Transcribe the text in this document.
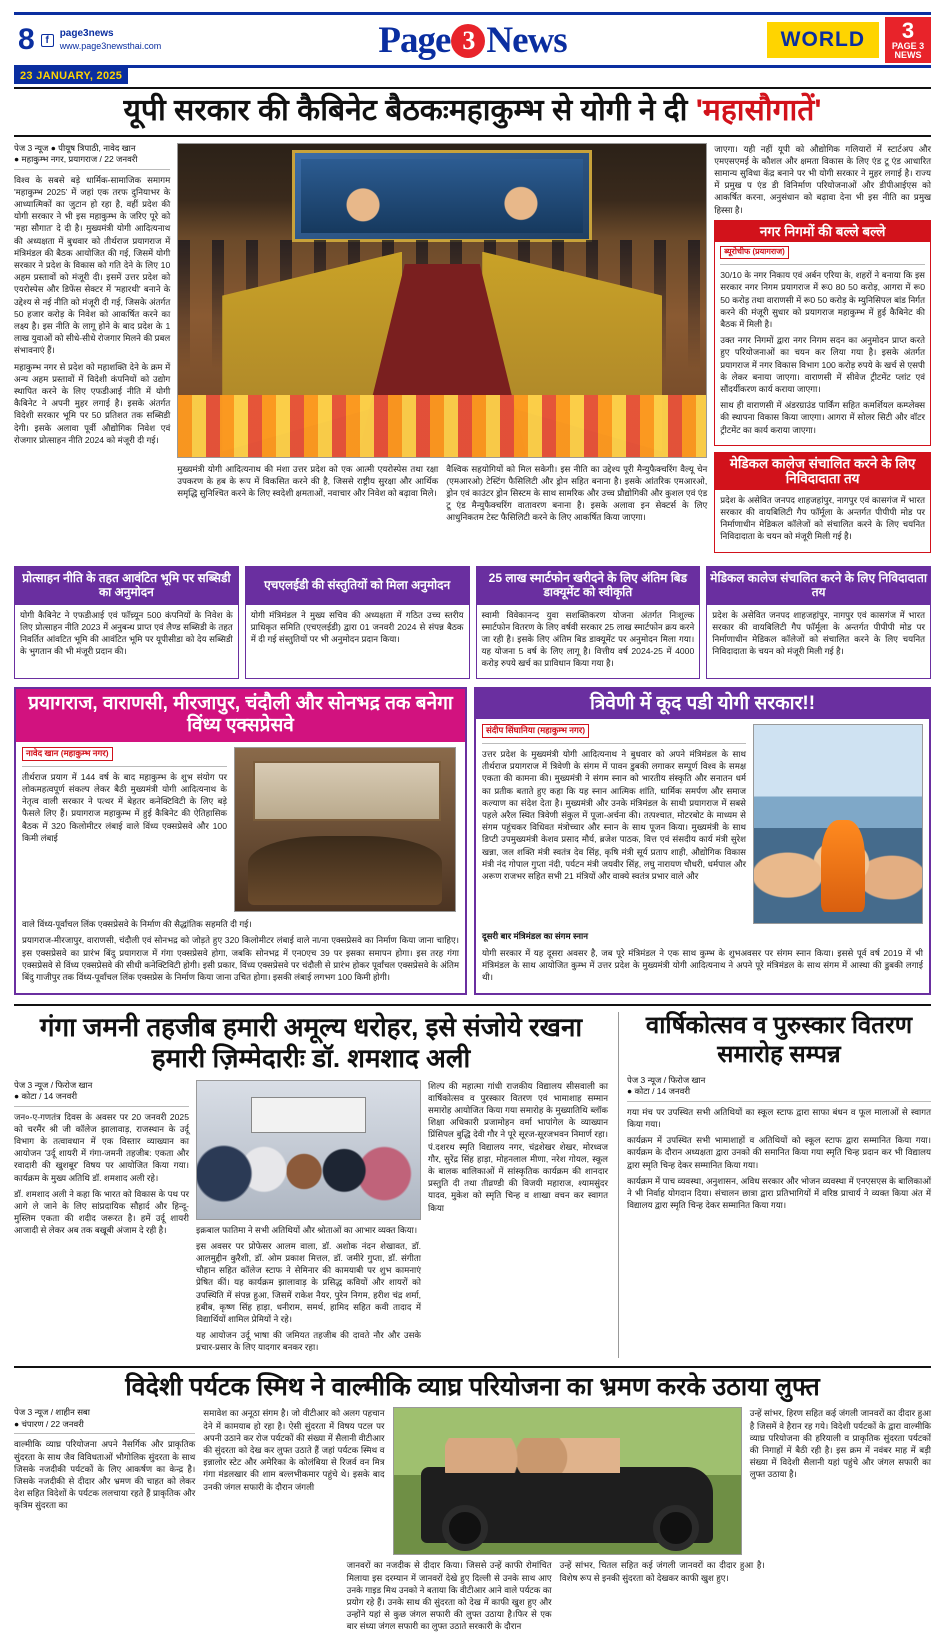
8	f
page3news
www.page3newsthai.com	Page 3 News	WORLD	3
PAGE 3
NEWS
23 JANUARY, 2025
यूपी सरकार की कैबिनेट बैठकःमहाकुम्भ से योगी ने दी 'महासौगातें'
पेज 3 न्यूज ● पीयूष त्रिपाठी, नावेद खान
● महाकुम्भ नगर, प्रयागराज / 22 जनवरी

विश्व के सबसे बड़े धार्मिक-सामाजिक समागम 'महाकुम्भ 2025' में जहां एक तरफ दुनियाभर के आध्यात्मिकों का जुटान हो रहा है, वहीं प्रदेश की योगी सरकार ने भी इस महाकुम्भ के जरिए पूरे को 'महा सौगात' दे दी है। मुख्यमंत्री योगी आदित्यनाथ की अध्यक्षता में बुधवार को तीर्थराज प्रयागराज में मंत्रिमंडल की बैठक आयोजित की गई, जिसमें योगी सरकार ने प्रदेश के विकास को गति देने के लिए 10 अहम प्रस्तावों को मंजूरी दी। इसमें उत्तर प्रदेश को एयरोस्पेस और डिफेंस सेक्टर में 'महारथी' बनाने के उद्देश्य से नई नीति को मंजूरी दी गई, जिसके अंतर्गत 50 हजार करोड़ के निवेश को आकर्षित करने का लक्ष्य है। इस नीति के लागू होने के बाद प्रदेश के 1 लाख युवाओं को सीधे-सीधे रोजगार मिलने की प्रबल संभावनाएं हैं।

महाकुम्भ नगर से प्रदेश को महाशक्ति देने के क्रम में अन्य अहम प्रस्तावों में विदेशी कंपनियों को उद्योग स्थापित करने के लिए एफडीआई नीति में योगी कैबिनेट ने अपनी मुहर लगाई है। इसके अंतर्गत विदेशी सरकार भूमि पर 50 प्रतिशत तक सब्सिडी देगी। इसके अलावा पूर्वी औद्योगिक निवेश एवं रोजगार प्रोत्साहन नीति 2024 को मंजूरी दी गई।

मुख्यमंत्री योगी आदित्यनाथ की मंशा उत्तर प्रदेश को एक आत्मी एयरोस्पेस तथा रक्षा उपकरण के हब के रूप में विकसित करने की है, जिससे राष्ट्रीय सुरक्षा और आर्थिक समृद्धि सुनिश्चित करने के लिए स्वदेशी क्षमताओं, नवाचार और निवेश को बढ़ावा मिले।

वैश्विक सहयोगियों को मिल सकेगी। इस नीति का उद्देश्य पूरी मैन्युफैक्चरिंग वैल्यू चेन (एमआरओ) टेस्टिंग फैसिलिटी और ड्रोन सहित बनाना है। इसके आंतरिक एमआरओ, ड्रोन एवं काउंटर ड्रोन सिस्टम के साथ सामरिक और उच्च प्रौद्योगिकी और कुशल एवं एंड टू एंड मैन्युफैक्चरिंग वातावरण बनाना है। इसके अलावा इन सेक्टर्स के लिए आधुनिकतम टेस्ट फैसिलिटी करने के लिए आकर्षित किया जाएगा।

जाएगा। यही नहीं यूपी को औद्योगिक गलियारों में स्टार्टअप और एमएसएमई के कौशल और क्षमता विकास के लिए एंड टू एंड आधारित सामान्य सुविधा केंद्र बनाने पर भी योगी सरकार ने मुहर लगाई है। राज्य में प्रमुख प एंड डी विनिर्माण परियोजनाओं और डीपीआईएस को आकर्षित करना, अनुसंधान को बढ़ावा देना भी इस नीति का प्रमुख हिस्सा है।

नगर निगमों की बल्ले बल्ले
ब्यूरोचीफ (प्रयागराज)

30/10 के नगर निकाय एवं अर्बन एरिया के, शहरों ने बनाया कि इस सरकार नगर निगम प्रयागराज में रू0 80 50 करोड़, आगरा में रू0 50 करोड़ तथा वाराणसी में रू0 50 करोड़ के म्युनिसिपल बांड निर्गत करने की मंजूरी सुधार को प्रयागराज महाकुम्भ में हुई कैबिनेट की बैठक में मिली है।

उक्त नगर निगमों द्वारा नगर निगम सदन का अनुमोदन प्राप्त करते हुए परियोजनाओं का चयन कर लिया गया है। इसके अंतर्गत प्रयागराज में नगर विकास विभाग 100 करोड़ रुपये के खर्च से एसपी के लेकर बनाया जाएगा। वाराणसी में सीवेज ट्रीटमेंट प्लांट एवं सौंदर्यीकरण कार्य कराया जाएगा।

साथ ही वाराणसी में अंडरग्राउंड पार्किंग सहित कमर्शियल कम्प्लेक्स की स्थापना विकास किया जाएगा। आगरा में सोलर सिटी और वॉटर ट्रीटमेंट का कार्य कराया जाएगा।

मेडिकल कालेज संचालित करने के लिए निविदादाता तय

प्रदेश के असेवित जनपद शाहजहांपुर, नागपुर एवं कासगंज में भारत सरकार की वायबिलिटी गैप फाॅर्मूला के अन्तर्गत पीपीपी मोड पर निर्माणाधीन मेडिकल कॉलेजों को संचालित करने के लिए चयनित निविदादाता के चयन को मंजूरी मिली गई है।

प्रोत्साहन नीति के तहत आवंटित भूमि पर सब्सिडी का अनुमोदन

योगी कैबिनेट ने एफडीआई एवं फाॅच्र्यून 500 कंपनियों के निवेश के लिए प्रोत्साहन नीति 2023 में अनुबन्ध प्राप्त एवं लैण्ड सब्सिडी के तहत निवर्तित आंवटित भूमि की आवंटित भूमि पर यूपीसीडा को देय सब्सिडी के भुगतान की भी मंजूरी प्रदान की।

एचएलईडी की संस्तुतियों को मिला अनुमोदन

योगी मंत्रिमंडल ने मुख्य सचिव की अध्यक्षता में गठित उच्च स्तरीय प्राधिकृत समिति (एचएलईडी) द्वारा 01 जनवरी 2024 से संपन्न बैठक में दी गई संस्तुतियों पर भी अनुमोदन प्रदान किया।

25 लाख स्मार्टफोन खरीदने के लिए अंतिम बिड डाक्यूमेंट को स्वीकृति

स्वामी विवेकानन्द युवा सशक्तिकरण योजना अंतर्गत निःशुल्क स्मार्टफोन वितरण के लिए वर्षवी सरकार 25 लाख स्मार्टफोन क्रय करने जा रही है। इसके लिए अंतिम बिड डाक्यूमेंट पर अनुमोदन मिला गया। यह योजना 5 वर्ष के लिए लागू है। वित्तीय वर्ष 2024-25 में 4000 करोड़ रुपये खर्च का प्राविधान किया गया है।

मेडिकल कालेज संचालित करने के लिए निविदादाता तय

प्रदेश के असेवित जनपद शाहजहांपुर, नागपुर एवं कासगंज में भारत सरकार की वायबिलिटी गैप फाॅर्मूला के अन्तर्गत पीपीपी मोड पर निर्माणाधीन मेडिकल कॉलेजों को संचालित करने के लिए चयनित निविदादाता के चयन को मंजूरी मिली गई है।

प्रयागराज, वाराणसी, मीरजापुर, चंदौली और सोनभद्र तक बनेगा विंध्य एक्सप्रेसवे
नावेद खान (महाकुम्भ नगर)

तीर्थराज प्रयाग में 144 वर्ष के बाद महाकुम्भ के शुभ संयोग पर लोकमहत्वपूर्ण संकल्प लेकर बैठी मुख्यमंत्री योगी आदित्यनाथ के नेतृत्व वाली सरकार ने पत्थर में बेहतर कनेक्टिविटी के लिए बड़े फैसले लिए हैं। प्रयागराज महाकुम्भ में हुई कैबिनेट की ऐतिहासिक बैठक में 320 किलोमीटर लंबाई वाले विंध्य एक्सप्रेसवे और 100 किमी लंबाई

वाले विंध्य-पूर्वांचल लिंक एक्सप्रेसवे के निर्माण की सैद्धांतिक सहमति दी गई।

प्रयागराज-मीरजापुर, वाराणसी, चंदौली एवं सोनभद्र को जोड़ते हुए 320 किलोमीटर लंबाई वाले ना/ना एक्सप्रेसवे का निर्माण किया जाना चाहिए। इस एक्सप्रेसवे का प्रारंभ बिंदु प्रयागराज में गंगा एक्सप्रेसवे होगा, जबकि सोनभद्र में एन0एच 39 पर इसका समापन होगा। इस तरह गंगा एक्सप्रेसवे से विंध्य एक्सप्रेसवे की सीधी कनेक्टिविटी होगी। इसी प्रकार, विंध्य एक्सप्रेसवे पर चंदौली से प्रारंभ होकर पूर्वांचल एक्सप्रेसवे के अंतिम बिंदु गाजीपुर तक विंध्य-पूर्वांचल लिंक एक्सप्रेस के निर्माण किया जाना उचित होगा। इसकी लंबाई लगभग 100 किमी होगी।

त्रिवेणी में कूद पडी योगी सरकार!!
संदीप सिंघानिया (महाकुम्भ नगर)

उत्तर प्रदेश के मुख्यमंत्री योगी आदित्यनाथ ने बुधवार को अपने मंत्रिमंडल के साथ तीर्थराज प्रयागराज में त्रिवेणी के संगम में पावन डुबकी लगाकर सम्पूर्ण विश्व के समक्ष एकता की कामना की। मुख्यमंत्री ने संगम स्नान को भारतीय संस्कृति और सनातन धर्म का प्रतीक बताते हुए कहा कि यह स्नान आत्मिक शांति, धार्मिक समर्पण और समाज कल्याण का संदेश देता है। मुख्यमंत्री और उनके मंत्रिमंडल के साथी प्रयागराज में सबसे पहले अरैल स्थित त्रिवेणी संकुल में पूजा-अर्चना की। तत्पश्चात, मोटरबोट के माध्यम से संगम पहुंचकर विधिवत मंत्रोच्चार और स्नान के साथ पूजन किया। मुख्यमंत्री के साथ डिप्टी उपमुख्यमंत्री केशव प्रसाद मौर्य, ब्रजेश पाठक, वित्त एवं संसदीय कार्य मंत्री सुरेश खन्ना, जल शक्ति मंत्री स्वतंत्र देव सिंह, कृषि मंत्री सूर्य प्रताप शाही, औद्योगिक विकास मंत्री नंद गोपाल गुप्ता नंदी, पर्यटन मंत्री जयवीर सिंह, लघु नारायण चौधरी, धर्मपाल और अरूण राजभर सहित सभी 21 मंत्रियों और वाक्ये स्वतंत्र प्रभार वाले और

दूसरी बार मंत्रिमंडल का संगम स्नान

योगी सरकार में यह दूसरा अवसर है, जब पूरे मंत्रिमंडल ने एक साथ कुम्भ के शुभअवसर पर संगम स्नान किया। इससे पूर्व वर्ष 2019 में भी मंत्रिमंडल के साथ आयोजित कुम्भ में उत्तर प्रदेश के मुख्यमंत्री योगी आदित्यनाथ ने अपने पूरे मंत्रिमंडल के साथ संगम में आस्था की डुबकी लगाई थी।

गंगा जमनी तहजीब हमारी अमूल्य धरोहर, इसे संजोये रखना हमारी ज़िम्मेदारीः डॉ. शमशाद अली
पेज 3 न्यूज / फिरोज खान
● कोटा / 14 जनवरी

जन०-ए-गणतंत्र दिवस के अवसर पर 20 जनवरी 2025 को चरमैंर श्री जी कॉलेज झालावाड़, राजस्थान के उर्दू विभाग के तत्वावधान में एक विस्तार व्याख्यान का आयोजन 'उर्दू शायरी में गंगा-जमनी तहजीब: एकता और रवादारी की खुशबूर' विषय पर आयोजित किया गया। कार्यक्रम के मुख्य अतिथि डॉ. शमशाद अली रहे।

डॉ. शमशाद अली ने कहा कि भारत को विकास के पथ पर आगे ले जाने के लिए सांप्रदायिक सौहार्द और हिन्दू-मुस्लिम एकता की शदीद जरूरत है। हमें उर्दू शायरी आजादी से लेकर अब तक बखूबी अंजाम दे रही है।	इक़बाल फातिमा ने सभी अतिथियों और श्रोताओं का आभार व्यक्त किया।

इस अवसर पर प्रोफेसर आलम वाला, डॉ. अशोक नंदन शेखावत, डॉ. आलमुद्दीन कुरैशी, डॉ. ओम प्रकाश मित्तल, डॉ. जमीरे गुप्ता, डॉ. संगीता चौहान सहित कॉलेज स्टाफ ने सेमिनार की कामयाबी पर शुभ कामनाएं प्रेषित कीं। यह कार्यक्रम झालावाड़ के प्रसिद्ध कवियों और शायरों को उपस्थिति में संपन्न हुआ, जिसमें राकेश नैयर, पुरेन निगम, हरीश चंद्र शर्मा, हबीब, कृष्ण सिंह हाड़ा, धनीराम, समर्थ, हामिद सहित कवी तादाद में विद्यार्थियों शामिल प्रेमियों ने रहे।

यह आयोजन उर्दू भाषा की जमियत तहजीब की दावते नौर और उसके प्रचार-प्रसार के लिए यादगार बनकर रहा।

शिल्प की महात्मा गांधी राजकीय विद्यालय सीसवाली का वार्षिकोत्सव व पुरस्कार वितरण एवं भामाशाह सम्मान समारोह आयोजित किया गया समारोह के मुख्यातिथि ब्लॉक शिक्षा अधिकारी प्रजामोहन वर्मा भापांगेल के व्याख्यान प्रिंसिपल बुद्धि देवी गौर ने पूरे सूरज-सूरजभवन निमार्ण रहा। पं.दशरथ स्मृति विद्यालय नगर, चंद्रशेखर शेखर, मोरध्वज गौर, सुरेंद्र सिंह हाड़ा, मोहनलाल मीणा, नरेश गोयल, स्कूल के बालक बालिकाओं में सांस्कृतिक कार्यक्रम की शानदार प्रस्तुति दी तथा तीव्रण्डी की विजयी महाराज, श्यामसुंदर यादव, मुकेश को स्मृति चिन्ह व शाखा वचन कर स्वागत किया

वार्षिकोत्सव व पुरुस्कार वितरण समारोह सम्पन्न
पेज 3 न्यूज / फिरोज खान
● कोटा / 14 जनवरी

गया मंच पर उपस्थित सभी अतिथियों का स्कूल स्टाफ द्वारा साफा बंधन व फूल मालाओं से स्वागत किया गया।

कार्यक्रम में उपस्थित सभी भामाशाहों व अतिथियों को स्कूल स्टाफ द्वारा सम्मानित किया गया। कार्यक्रम के दौरान अध्यक्षता द्वारा उनको की समानित किया गया स्मृति चिन्ह प्रदान कर भी विद्यालय द्वारा स्मृति चिन्ह देकर सम्मानित किया गया।

कार्यक्रम में पाच व्यवस्था, अनुशासन, अविध सरकार और भोजन व्यवस्था में एनएसएस के बालिकाओं ने भी निर्वाह योगदान दिया। संचालन छात्रा द्वारा प्रतिभागियों में वरिष्ठ प्राचार्य ने व्यक्त किया अंत में विद्यालय द्वारा स्मृति चिन्ह देकर सम्मानित किया गया।

विदेशी पर्यटक स्मिथ ने वाल्मीकि व्याघ्र परियोजना का भ्रमण करके उठाया लुफ्त
पेज 3 न्यूज / शाहीन सबा
● चंपारण / 22 जनवरी

वाल्मीकि व्याघ्र परियोजना अपने नैसर्गिक और प्राकृतिक सुंदरता के साथ जैव विविधताओं भौगोलिक सुंदरता के साथ जिसके नजदीकी पर्यटकों के लिए आकर्षण का केन्द्र है। जिसके नजदीकी से दीदार और भ्रमण की चाहत को लेकर देश सहित विदेशों के पर्यटक ललचाया रहते हैं प्राकृतिक और कृत्रिम सुंदरता का

समावेश का अनूठा संगम है। जो वीटीआर को अलग पहचान देने में कामयाब हो रहा है। ऐसी सुंदरता में विषय पटल पर अपनी उठाने कर रोज पर्यटकों की संख्या में सैलानी वीटीआर की सुंदरता को देख कर लुफ्त उठाते हैं जहां पर्यटक स्मिथ व इन्नालोर स्टेट और अमेरिका के कोलंबिया से रिजर्व वन मित्र गंगा मंडलखार की शाम बल्लभीकमार पहुंचे थे। इसके बाद उनकी जंगल सफारी के दौरान जंगली

उन्हें सांभर, हिरण सहित कई जंगली जानवरों का दीदार हुआ है जिसमें वे हैरान रह गये। विदेशी पर्यटकों के द्वारा वाल्मीकि व्याघ्र परियोजना की हरियाली व प्राकृतिक सुंदरता पर्यटकों की निगाहों में बैठी रही है। इस क्रम में नवंबर माह में बड़ी संख्या में विदेशी सैलानी यहां पहुंचे और जंगल सफारी का लुफ्त उठाया है।

जानवरों का नजदीक से दीदार किया। जिससे उन्हें काफी रोमांचित मिलाया इस दरम्यान में जानवरों देखे हुए दिल्ली से उनके साथ आए उनके गाइड मिथ उनको ने बताया कि वीटीआर आने वाले पर्यटक का प्रयोग रहे हैं। उनके साथ की सुंदरता को देख में काफी खुश हुए और उन्होंने यहां से कुछ जंगल सफारी की लुफ्त उठाया है।फिर से एक बार संध्या जंगल सफारी का लुफ्त उठाते सरकारी के दौरान

उन्हें सांभर, चितल सहित कई जंगली जानवरों का दीदार हुआ है।विशेष रूप से इनकी सुंदरता को देखकर काफी खुश हुए।
